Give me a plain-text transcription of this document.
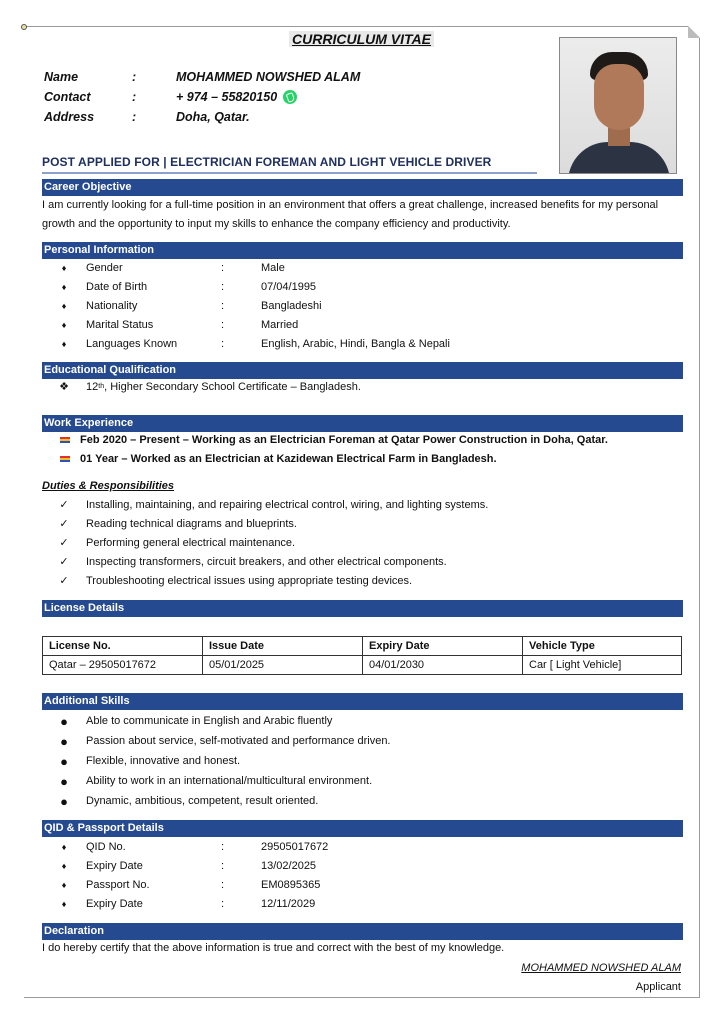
CURRICULUM VITAE
Name	:	MOHAMMED NOWSHED ALAM
Contact	:	+ 974 – 55820150
Address	:	Doha, Qatar.
POST APPLIED FOR | ELECTRICIAN FOREMAN AND LIGHT VEHICLE DRIVER
Career Objective
I am currently looking for a full-time position in an environment that offers a great challenge, increased benefits for my personal growth and the opportunity to input my skills to enhance the company efficiency and productivity.
Personal Information
♦	Gender	:	Male
♦	Date of Birth	:	07/04/1995
♦	Nationality	:	Bangladeshi
♦	Marital Status	:	Married
♦	Languages Known	:	English, Arabic, Hindi, Bangla & Nepali
Educational Qualification
❖	12 th , Higher Secondary School Certificate – Bangladesh.
Work Experience
Feb 2020 – Present – Working as an Electrician Foreman at Qatar Power Construction in Doha, Qatar.
01 Year – Worked as an Electrician at Kazidewan Electrical Farm in Bangladesh.
Duties & Responsibilities
✓	Installing, maintaining, and repairing electrical control, wiring, and lighting systems.
✓	Reading technical diagrams and blueprints.
✓	Performing general electrical maintenance.
✓	Inspecting transformers, circuit breakers, and other electrical components.
✓	Troubleshooting electrical issues using appropriate testing devices.
License Details
License No.	Issue Date	Expiry Date	Vehicle Type
Qatar – 29505017672	05/01/2025	04/01/2030	Car [ Light Vehicle]
Additional Skills
●	Able to communicate in English and Arabic fluently
●	Passion about service, self-motivated and performance driven.
●	Flexible, innovative and honest.
●	Ability to work in an international/multicultural environment.
●	Dynamic, ambitious, competent, result oriented.
QID & Passport Details
♦	QID No.	:	29505017672
♦	Expiry Date	:	13/02/2025
♦	Passport No.	:	EM0895365
♦	Expiry Date	:	12/11/2029
Declaration
I do hereby certify that the above information is true and correct with the best of my knowledge.
MOHAMMED NOWSHED ALAM
Applicant
